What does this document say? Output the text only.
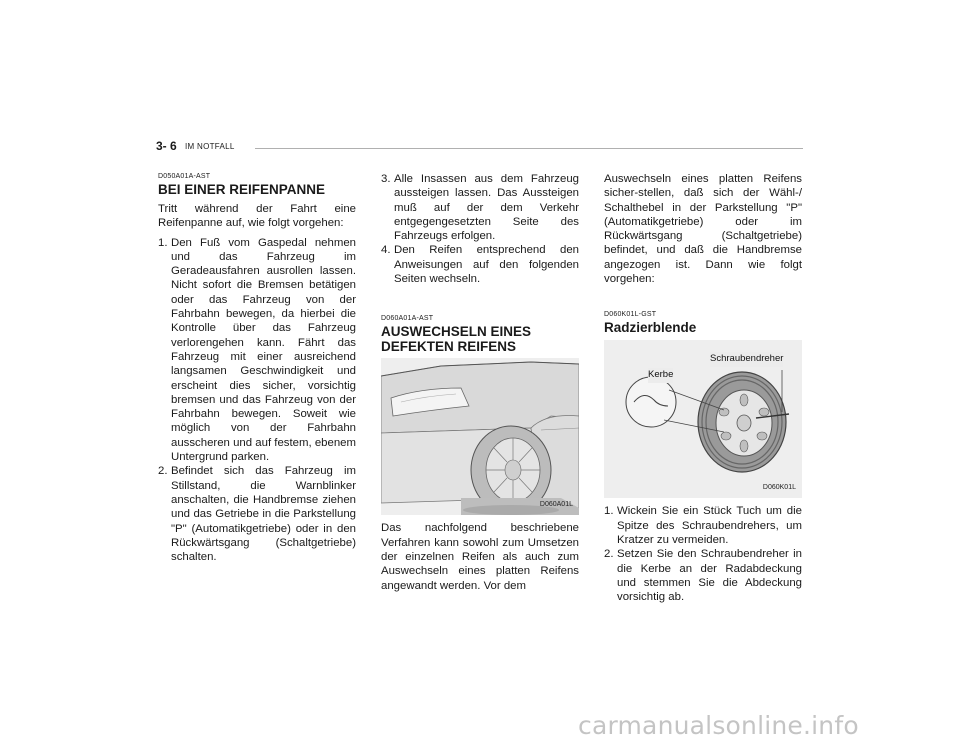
3- 6 IM NOTFALL

D050A01A-AST

BEI EINER REIFENPANNE

Tritt während der Fahrt eine Reifenpanne auf, wie folgt vorgehen:

1. Den Fuß vom Gaspedal nehmen und das Fahrzeug im Geradeausfahren ausrollen lassen. Nicht sofort die Bremsen betätigen oder das Fahrzeug von der Fahrbahn bewegen, da hierbei die Kontrolle über das Fahrzeug verlorengehen kann. Fährt das Fahrzeug mit einer ausreichend langsamen Geschwindigkeit und erscheint dies sicher, vorsichtig bremsen und das Fahrzeug von der Fahrbahn bewegen. Soweit wie möglich von der Fahrbahn ausscheren und auf festem, ebenem Untergrund parken.
2. Befindet sich das Fahrzeug im Stillstand, die Warnblinker anschalten, die Handbremse ziehen und das Getriebe in die Parkstellung "P" (Automatikgetriebe) oder in den Rückwärtsgang (Schaltgetriebe) schalten.
3. Alle Insassen aus dem Fahrzeug aussteigen lassen. Das Aussteigen muß auf der dem Verkehr entgegengesetzten Seite des Fahrzeugs erfolgen.
4. Den Reifen entsprechend den Anweisungen auf den folgenden Seiten wechseln.

D060A01A-AST

AUSWECHSELN EINES
DEFEKTEN REIFENS
D060A01L

Das nachfolgend beschriebene Verfahren kann sowohl zum Umsetzen der einzelnen Reifen als auch zum Auswechseln eines platten Reifens angewandt werden. Vor dem

Auswechseln eines platten Reifens sicher-stellen, daß sich der Wähl-/ Schalthebel in der Parkstellung "P" (Automatikgetriebe) oder im Rückwärtsgang (Schaltgetriebe) befindet, und daß die Handbremse angezogen ist. Dann wie folgt vorgehen:

D060K01L-GST

Radzierblende
Schraubendreher
Kerbe
D060K01L
1. Wickein Sie ein Stück Tuch um die Spitze des Schraubendrehers, um Kratzer zu vermeiden.
2. Setzen Sie den Schraubendreher in die Kerbe an der Radabdeckung und stemmen Sie die Abdeckung vorsichtig ab.
carmanualsonline.info
